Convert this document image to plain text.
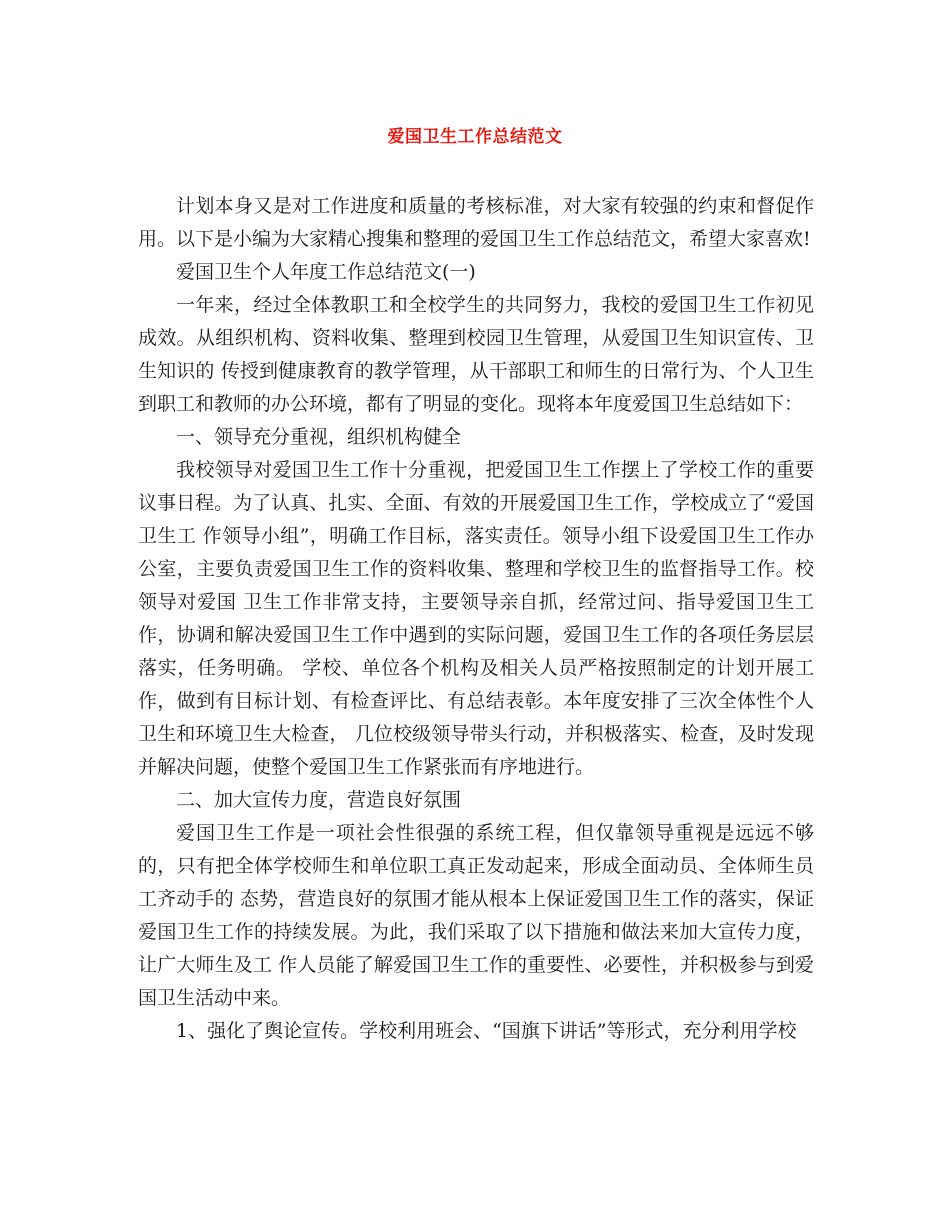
爱国卫生工作总结范文

计划本身又是对工作进度和质量的考核标准，对大家有较强的约束和督促作用。以下是小编为大家精心搜集和整理的爱国卫生工作总结范文，希望大家喜欢!

爱国卫生个人年度工作总结范文(一)

一年来，经过全体教职工和全校学生的共同努力，我校的爱国卫生工作初见成效。从组织机构、资料收集、整理到校园卫生管理，从爱国卫生知识宣传、卫生知识的 传授到健康教育的教学管理，从干部职工和师生的日常行为、个人卫生到职工和教师的办公环境，都有了明显的变化。现将本年度爱国卫生总结如下：

一、领导充分重视，组织机构健全

我校领导对爱国卫生工作十分重视，把爱国卫生工作摆上了学校工作的重要议事日程。为了认真、扎实、全面、有效的开展爱国卫生工作，学校成立了“爱国卫生工 作领导小组”，明确工作目标，落实责任。领导小组下设爱国卫生工作办公室，主要负责爱国卫生工作的资料收集、整理和学校卫生的监督指导工作。校领导对爱国 卫生工作非常支持，主要领导亲自抓，经常过问、指导爱国卫生工作，协调和解决爱国卫生工作中遇到的实际问题，爱国卫生工作的各项任务层层落实，任务明确。 学校、单位各个机构及相关人员严格按照制定的计划开展工作，做到有目标计划、有检查评比、有总结表彰。本年度安排了三次全体性个人卫生和环境卫生大检查， 几位校级领导带头行动，并积极落实、检查，及时发现并解决问题，使整个爱国卫生工作紧张而有序地进行。

二、加大宣传力度，营造良好氛围

爱国卫生工作是一项社会性很强的系统工程，但仅靠领导重视是远远不够的，只有把全体学校师生和单位职工真正发动起来，形成全面动员、全体师生员工齐动手的 态势，营造良好的氛围才能从根本上保证爱国卫生工作的落实，保证爱国卫生工作的持续发展。为此，我们采取了以下措施和做法来加大宣传力度，让广大师生及工 作人员能了解爱国卫生工作的重要性、必要性，并积极参与到爱国卫生活动中来。

1、强化了舆论宣传。学校利用班会、“国旗下讲话”等形式，充分利用学校
